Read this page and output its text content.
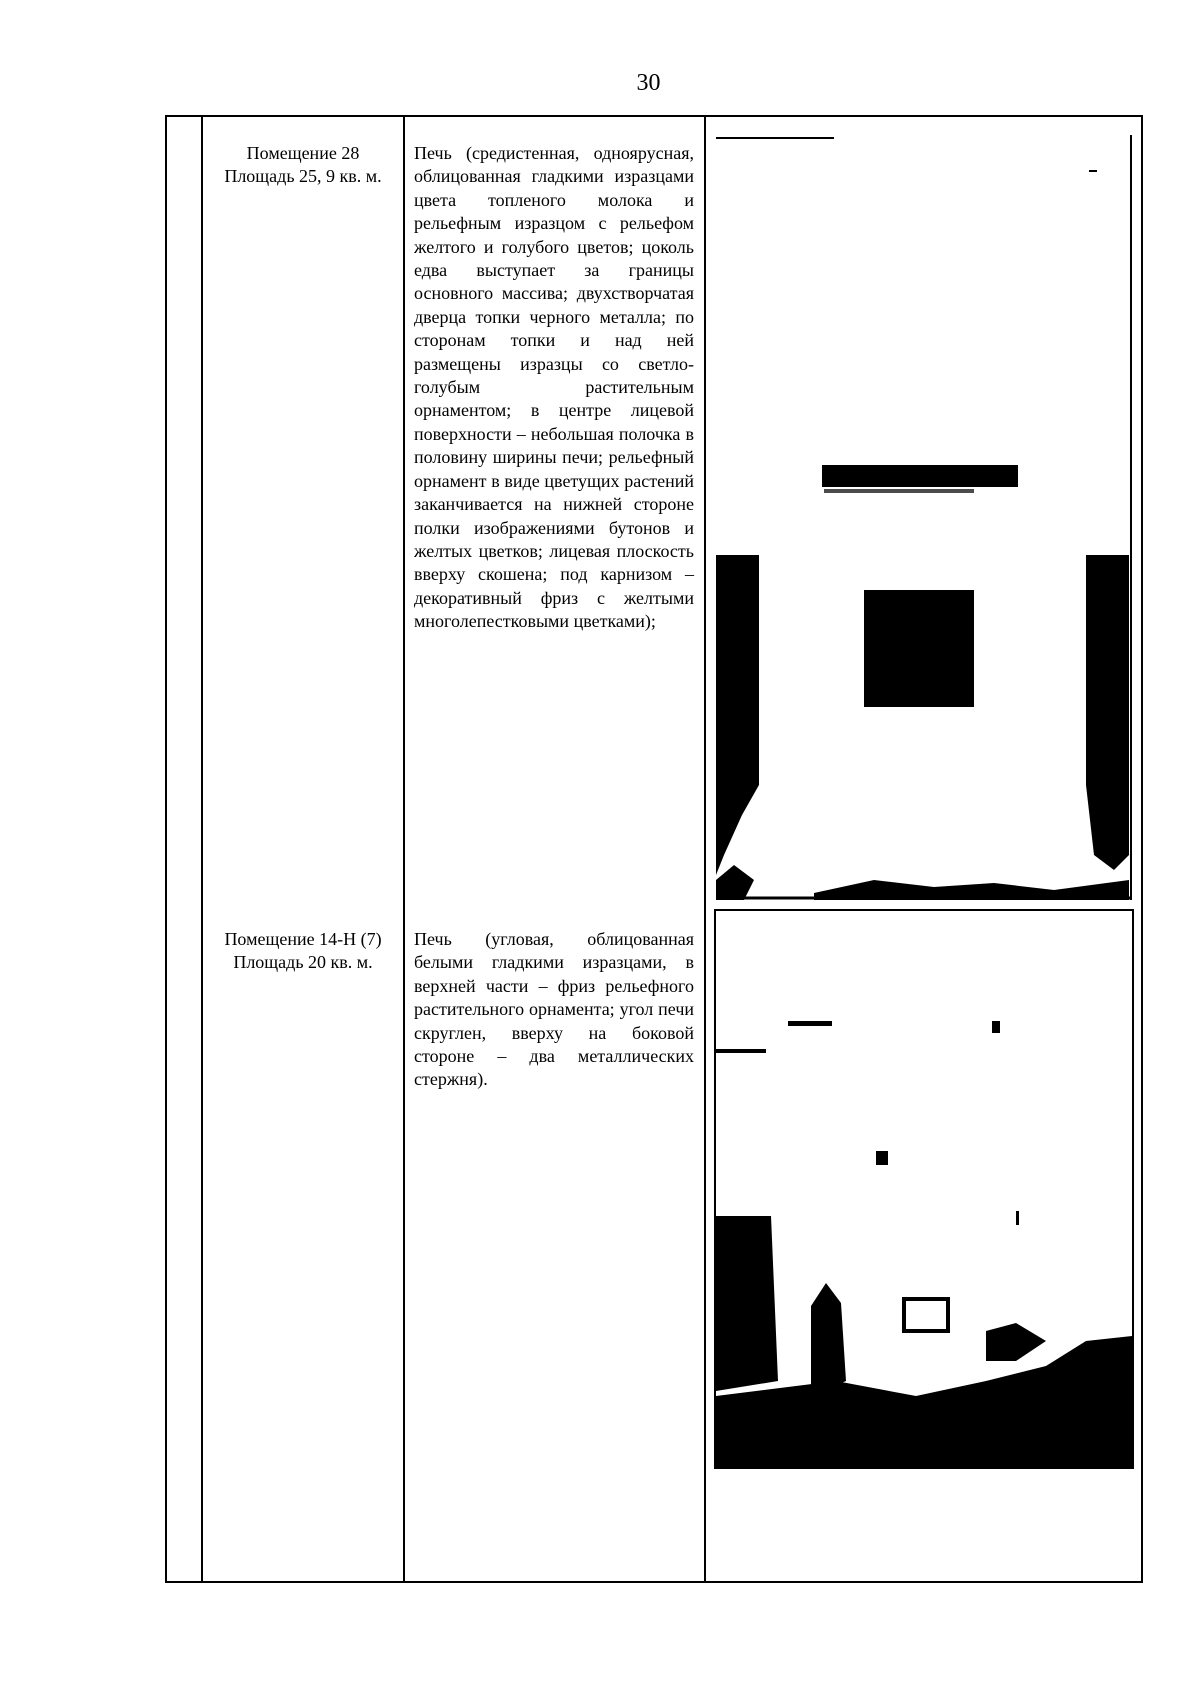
30
Помещение 28
Площадь 25, 9 кв. м.
Печь (средистенная, одноярусная, облицованная гладкими изразцами цвета топленого молока и рельефным изразцом с рельефом желтого и голубого цветов; цоколь едва выступает за границы основного массива; двухстворчатая дверца топки черного металла; по сторонам топки и над ней размещены изразцы со светло-голубым растительным орнаментом; в центре лицевой поверхности – небольшая полочка в половину ширины печи; рельефный орнамент в виде цветущих растений заканчивается на нижней стороне полки изображениями бутонов и желтых цветков; лицевая плоскость вверху скошена; под карнизом – декоративный фриз с желтыми многолепестковыми цветками);
Помещение 14-Н (7)
Площадь 20 кв. м.
Печь (угловая, облицованная белыми гладкими изразцами, в верхней части – фриз рельефного растительного орнамента; угол печи скруглен, вверху на боковой стороне – два металлических стержня).
